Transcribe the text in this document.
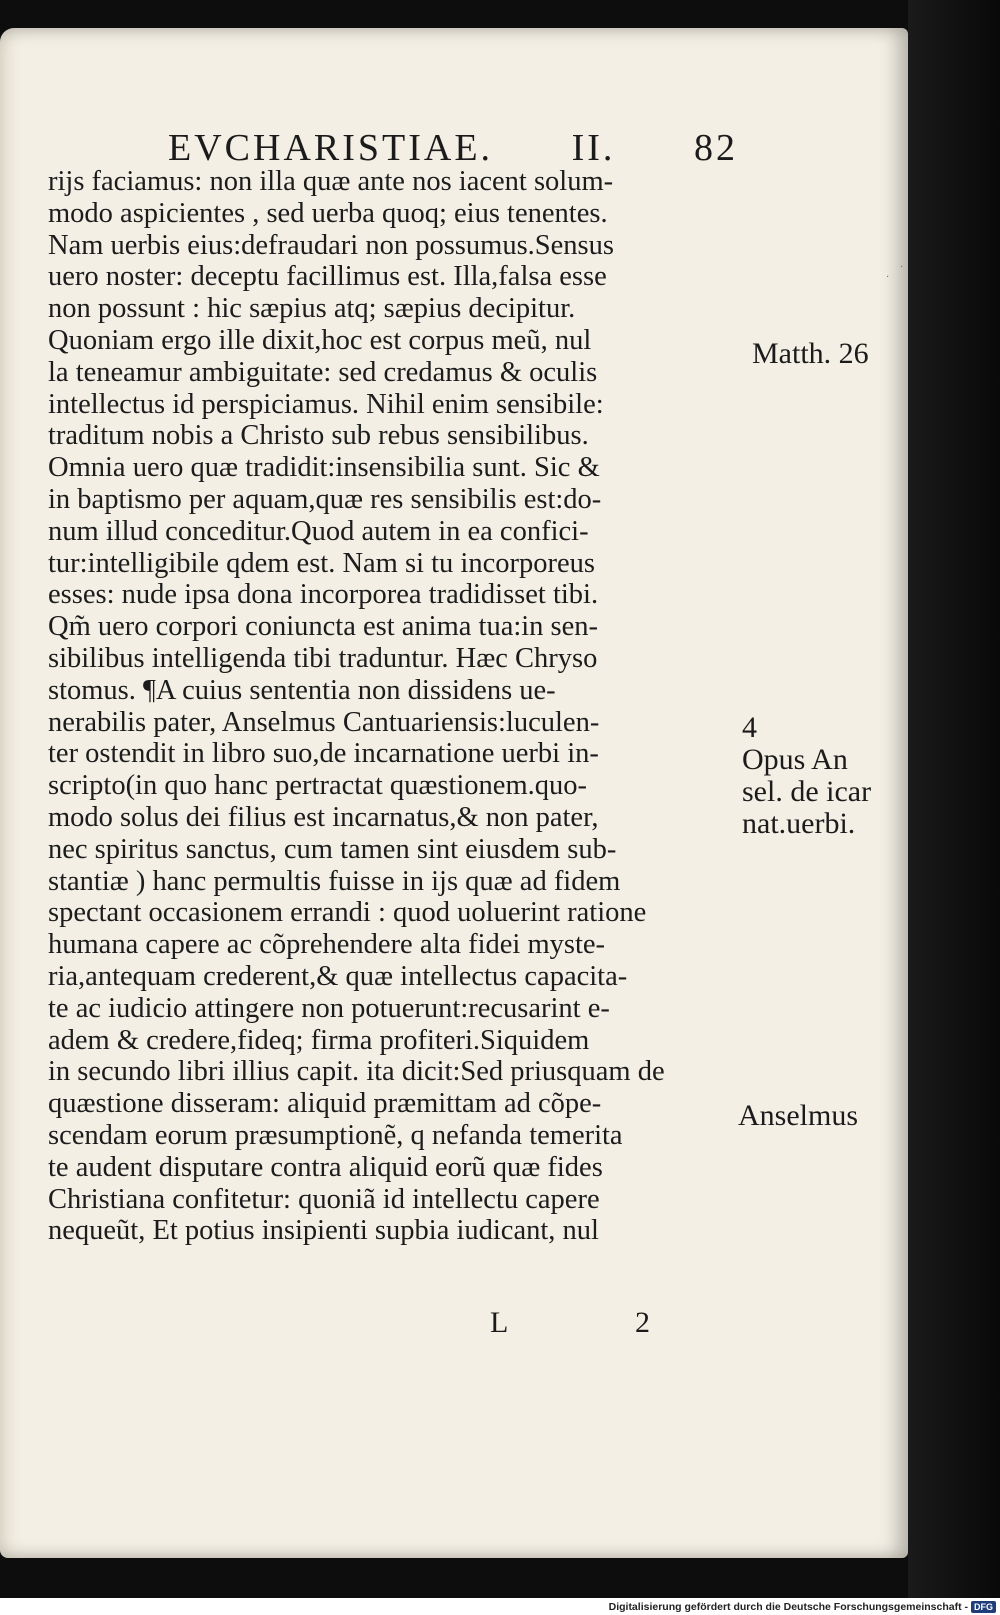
EVCHARISTIAE. II. 82
rijs faciamus: non illa quæ ante nos iacent solum-
modo aspicientes , sed uerba quoq; eius tenentes.
Nam uerbis eius:defraudari non possumus.Sensus
uero noster: deceptu facillimus est. Illa,falsa esse
non possunt : hic sæpius atq; sæpius decipitur.
Quoniam ergo ille dixit,hoc est corpus meũ, nul
la teneamur ambiguitate: sed credamus & oculis
intellectus id perspiciamus. Nihil enim sensibile:
traditum nobis a Christo sub rebus sensibilibus.
Omnia uero quæ tradidit:insensibilia sunt. Sic &
in baptismo per aquam,quæ res sensibilis est:do-
num illud conceditur.Quod autem in ea confici-
tur:intelligibile qdem est. Nam si tu incorporeus
esses: nude ipsa dona incorporea tradidisset tibi.
Qm̃ uero corpori coniuncta est anima tua:in sen-
sibilibus intelligenda tibi traduntur. Hæc Chryso
stomus. ¶A cuius sententia non dissidens ue-
nerabilis pater, Anselmus Cantuariensis:luculen-
ter ostendit in libro suo,de incarnatione uerbi in-
scripto(in quo hanc pertractat quæstionem.quo-
modo solus dei filius est incarnatus,& non pater,
nec spiritus sanctus, cum tamen sint eiusdem sub-
stantiæ ) hanc permultis fuisse in ijs quæ ad fidem
spectant occasionem errandi : quod uoluerint ratione
humana capere ac cõprehendere alta fidei myste-
ria,antequam crederent,& quæ intellectus capacita-
te ac iudicio attingere non potuerunt:recusarint e-
adem & credere,fideq; firma profiteri.Siquidem
in secundo libri illius capit. ita dicit:Sed priusquam de
quæstione disseram: aliquid præmittam ad cõpe-
scendam eorum præsumptionẽ, q nefanda temerita
te audent disputare contra aliquid eorũ quæ fides
Christiana confitetur: quoniã id intellectu capere
nequeũt, Et potius insipienti supbia iudicant, nul
Matth. 26
4
Opus An
sel. de icar
nat.uerbi.
Anselmus
L	2
·
·
Digitalisierung gefördert durch die Deutsche Forschungsgemeinschaft - DFG
